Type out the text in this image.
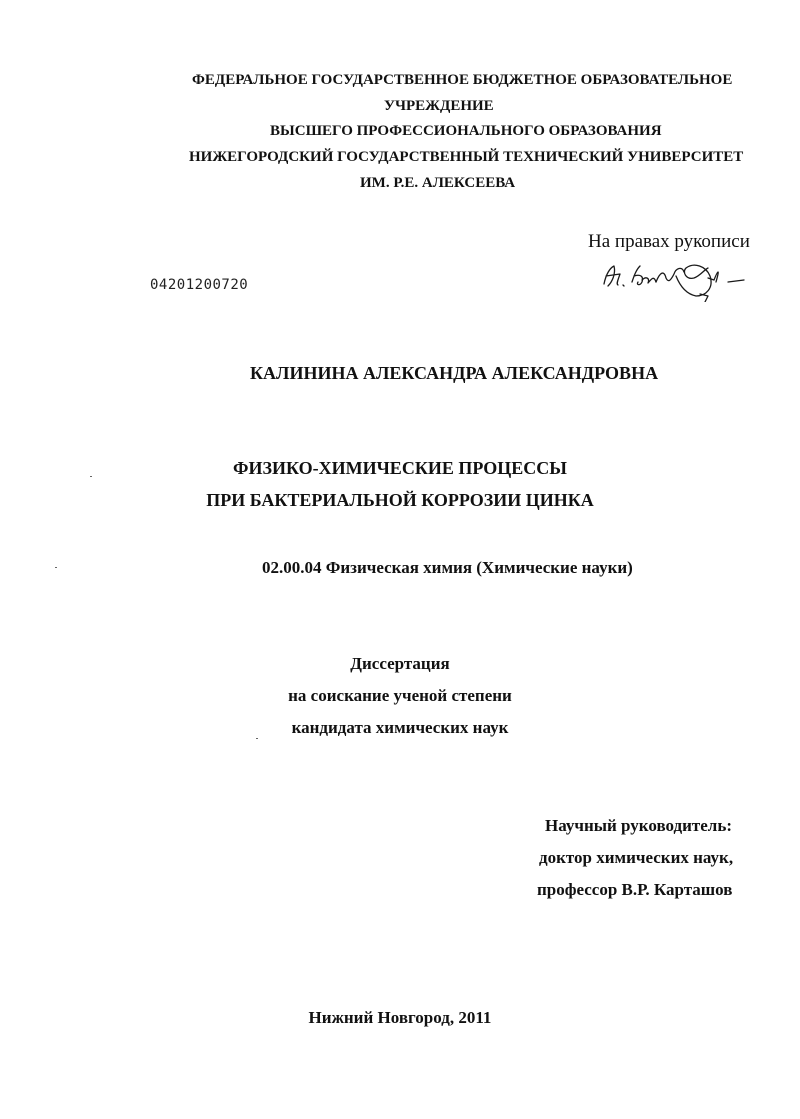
ФЕДЕРАЛЬНОЕ ГОСУДАРСТВЕННОЕ БЮДЖЕТНОЕ ОБРАЗОВАТЕЛЬНОЕ
УЧРЕЖДЕНИЕ
ВЫСШЕГО ПРОФЕССИОНАЛЬНОГО ОБРАЗОВАНИЯ
НИЖЕГОРОДСКИЙ ГОСУДАРСТВЕННЫЙ ТЕХНИЧЕСКИЙ УНИВЕРСИТЕТ
ИМ. Р.Е. АЛЕКСЕЕВА
На правах рукописи
04201200720
КАЛИНИНА АЛЕКСАНДРА АЛЕКСАНДРОВНА
ФИЗИКО-ХИМИЧЕСКИЕ ПРОЦЕССЫ
ПРИ БАКТЕРИАЛЬНОЙ КОРРОЗИИ ЦИНКА
02.00.04 Физическая химия (Химические науки)
Диссертация
на соискание ученой степени
кандидата химических наук
Научный руководитель:
доктор химических наук,
профессор В.Р. Карташов
Нижний Новгород, 2011
